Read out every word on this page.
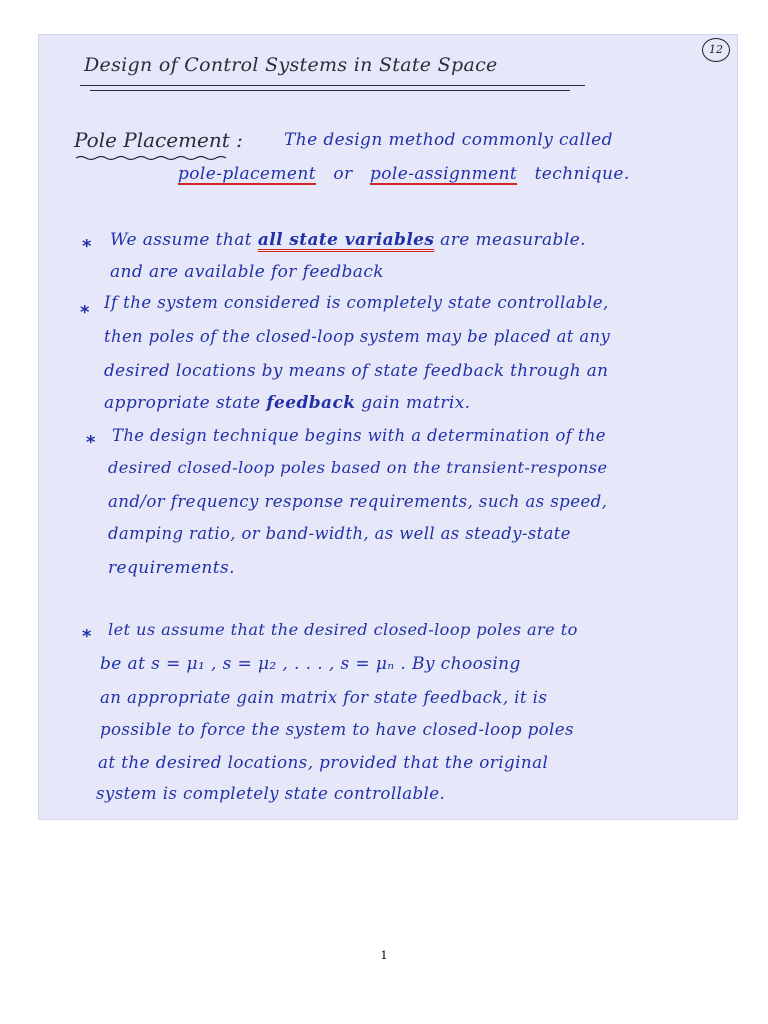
12
Design of Control Systems in State Space
Pole Placement : The design method commonly called
pole-placement or pole-assignment technique.
* We assume that all state variables are measurable.
and are available for feedback
* If the system considered is completely state controllable,
then poles of the closed-loop system may be placed at any
desired locations by means of state feedback through an
appropriate state feedback gain matrix.
* The design technique begins with a determination of the
desired closed-loop poles based on the transient-response
and/or frequency response requirements, such as speed,
damping ratio, or band-width, as well as steady-state
requirements.
* let us assume that the desired closed-loop poles are to
be at s = μ₁ , s = μ₂ , . . . , s = μₙ . By choosing
an appropriate gain matrix for state feedback, it is
possible to force the system to have closed-loop poles
at the desired locations, provided that the original
system is completely state controllable.
1
